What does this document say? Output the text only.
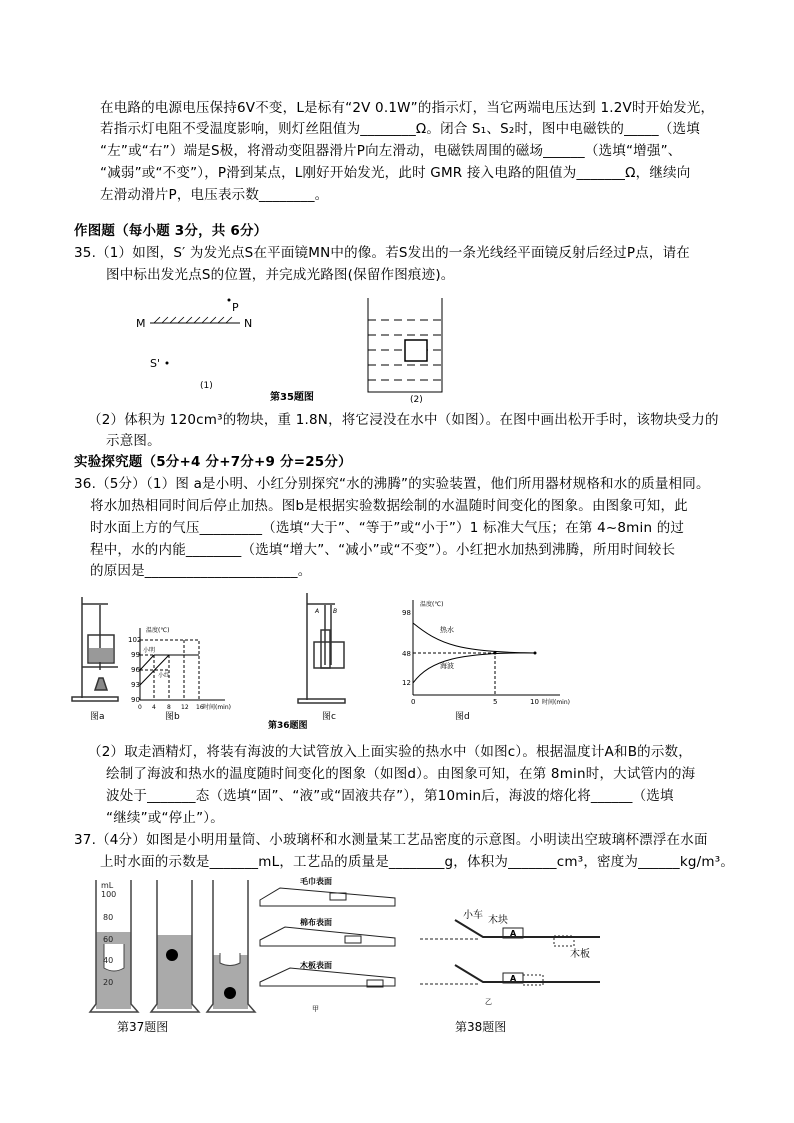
在电路的电源电压保持6V不变，L是标有“2V 0.1W”的指示灯，当它两端电压达到 1.2V时开始发光，
若指示灯电阻不受温度影响，则灯丝阻值为________Ω。闭合 S₁、S₂时，图中电磁铁的_____（选填
“左”或“右”）端是S极，将滑动变阻器滑片P向左滑动，电磁铁周围的磁场______（选填“增强”、
“减弱”或“不变”），P滑到某点，L刚好开始发光，此时 GMR 接入电路的阻值为_______Ω，继续向
左滑动滑片P，电压表示数________。
作图题（每小题 3分，共 6分）
35.（1）如图，S′ 为发光点S在平面镜MN中的像。若S发出的一条光线经平面镜反射后经过P点，请在
图中标出发光点S的位置，并完成光路图(保留作图痕迹)。
P
M	N
S'
(1)
(2)
第35题图
（2）体积为 120cm³的物块，重 1.8N，将它浸没在水中（如图）。在图中画出松开手时，该物块受力的
示意图。
实验探究题（5分+4 分+7分+9 分=25分）
36.（5分）（1）图 a是小明、小红分别探究“水的沸腾”的实验装置，他们所用器材规格和水的质量相同。
将水加热相同时间后停止加热。图b是根据实验数据绘制的水温随时间变化的图象。由图象可知，此
时水面上方的气压_________（选填“大于”、“等于”或“小于”）1 标准大气压；在第 4~8min 的过
程中，水的内能________（选填“增大”、“减小”或“不变”）。小红把水加热到沸腾，所用时间较长
的原因是______________________。
图a
温度(℃)
102
99
96
93
90
0 4 8 12 16 时间(min)
小明
小红
图b
A B
图c
温度(℃)
98
48
12
0	5	10 时间(min)
热水
海波
图d
第36题图
（2）取走酒精灯，将装有海波的大试管放入上面实验的热水中（如图c）。根据温度计A和B的示数，
绘制了海波和热水的温度随时间变化的图象（如图d）。由图象可知，在第 8min时，大试管内的海
波处于_______态（选填“固”、“液”或“固液共存”），第10min后，海波的熔化将______（选填
“继续”或“停止”）。
37.（4分）如图是小明用量筒、小玻璃杯和水测量某工艺品密度的示意图。小明读出空玻璃杯漂浮在水面
上时水面的示数是_______mL，工艺品的质量是________g，体积为_______cm³，密度为______kg/m³。
mL
100
80
60
40
20
第37题图
毛巾表面
棉布表面
木板表面
甲
小车 木块
木板
A
A
乙
第38题图
